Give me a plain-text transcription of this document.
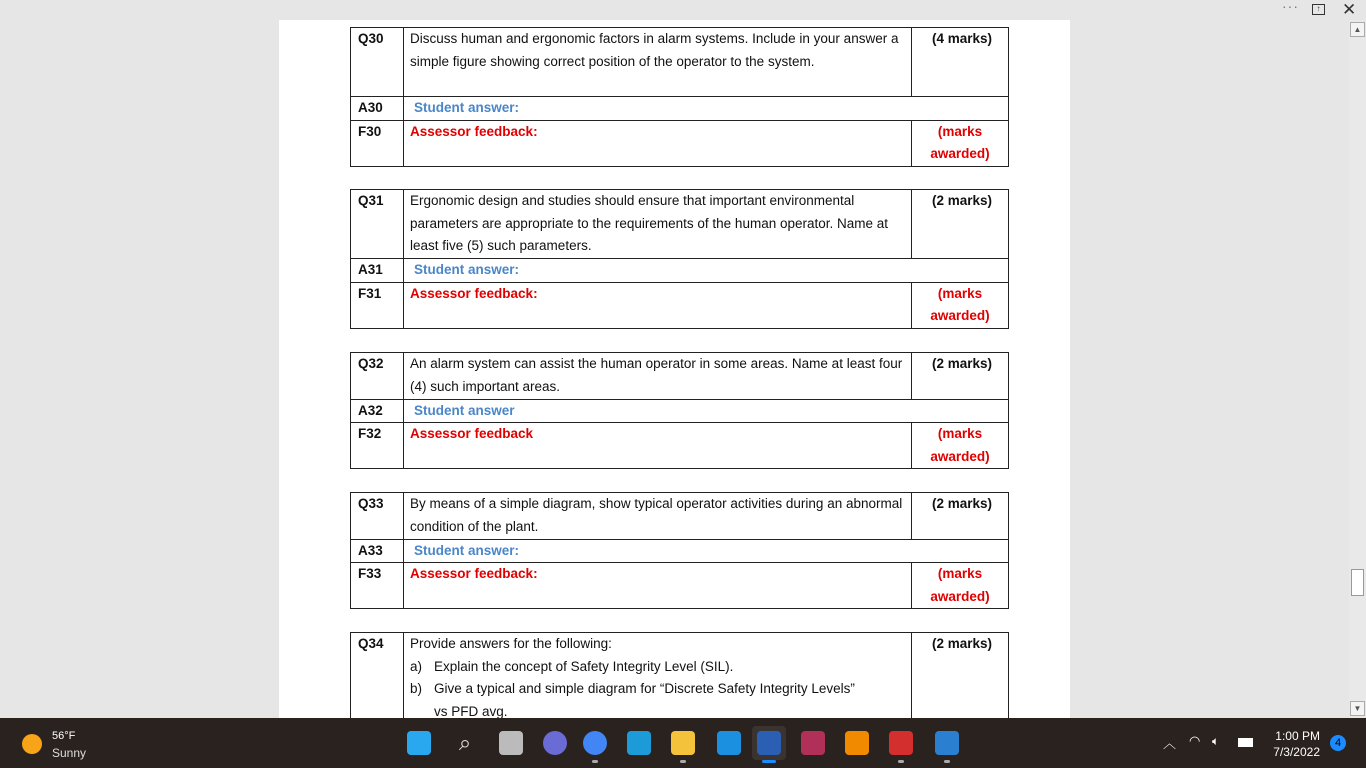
Q30	Discuss human and ergonomic factors in alarm systems. Include in your answer a simple figure showing correct position of the operator to the system.	(4 marks)
A30	Student answer:	
F30	Assessor feedback:	(marks awarded)
Q31	Ergonomic design and studies should ensure that important environmental parameters are appropriate to the requirements of the human operator. Name at least five (5) such parameters.	(2 marks)
A31	Student answer:	
F31	Assessor feedback:	(marks awarded)
Q32	An alarm system can assist the human operator in some areas. Name at least four (4) such important areas.	(2 marks)
A32	Student answer	
F32	Assessor feedback	(marks awarded)
Q33	By means of a simple diagram, show typical operator activities during an abnormal condition of the plant.	(2 marks)
A33	Student answer:	
F33	Assessor feedback:	(marks awarded)
Q34	Provide answers for the following:
a) Explain the concept of Safety Integrity Level (SIL).
b) Give a typical and simple diagram for “Discrete Safety Integrity Levels”
vs PFD avg.
	(2 marks)
···	↑ ✕
▲
▼
56°F
Sunny	⌕	︿ ◠ 🔈︎	1:00 PM
7/3/2022
4
